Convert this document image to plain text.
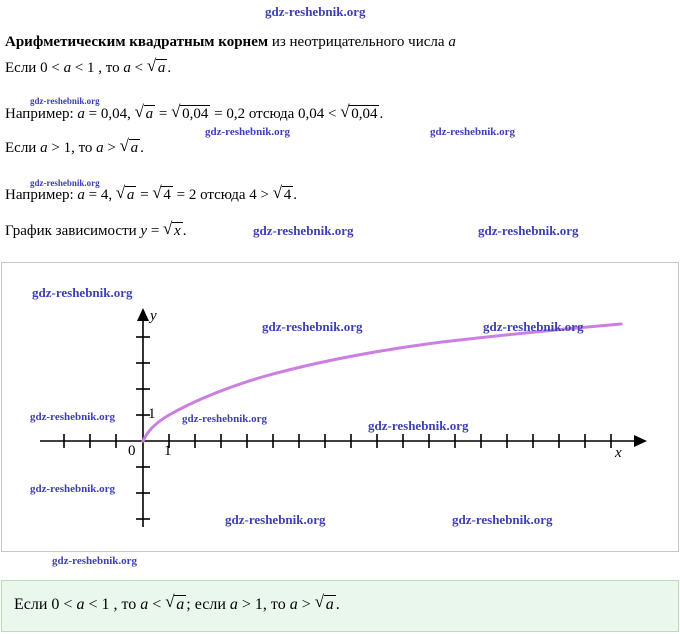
Арифметическим квадратным корнем из неотрицательного числа a
Если 0 < a < 1 , то a < √ a .
Например: a = 0,04, √ a = √ 0,04 = 0,2 отсюда 0,04 < √ 0,04 .
Если a > 1, то a > √ a .
Например: a = 4, √ a = √ 4 = 2 отсюда 4 > √ 4 .
График зависимости y = √ x .
x
y
0 1
1
Если 0 < a < 1 , то a < √ a ; если a > 1, то a > √ a .
gdz-reshebnik.org
gdz-reshebnik.org
gdz-reshebnik.org	gdz-reshebnik.org
gdz-reshebnik.org
gdz-reshebnik.org	gdz-reshebnik.org
gdz-reshebnik.org
gdz-reshebnik.org	gdz-reshebnik.org
gdz-reshebnik.org	gdz-reshebnik.org	gdz-reshebnik.org
gdz-reshebnik.org
gdz-reshebnik.org	gdz-reshebnik.org
gdz-reshebnik.org
